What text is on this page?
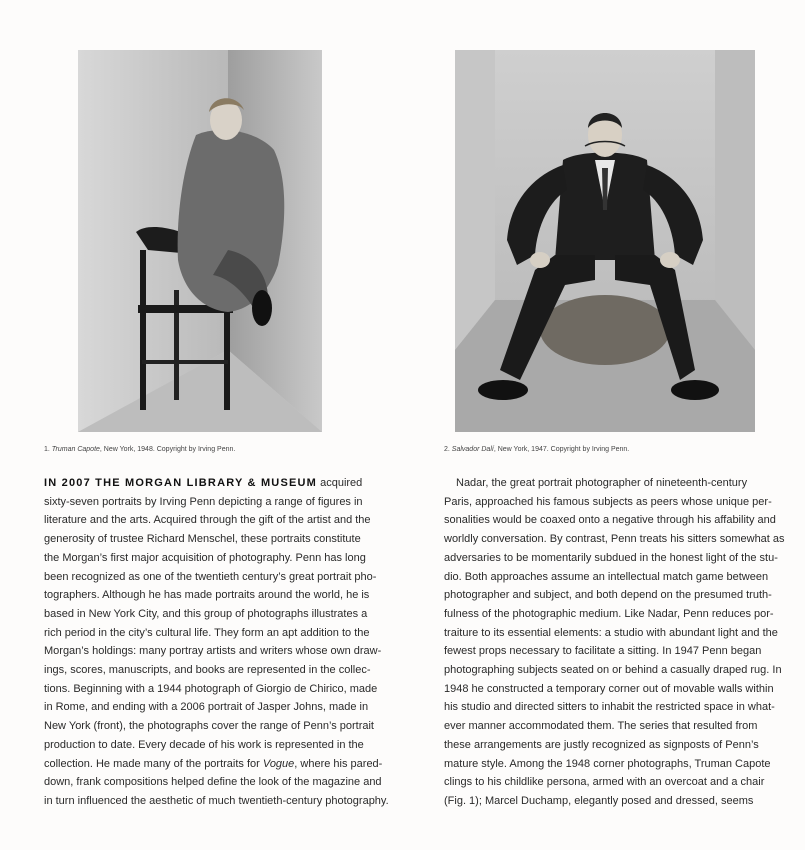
1. Truman Capote, New York, 1948. Copyright by Irving Penn.	2. Salvador Dalí, New York, 1947. Copyright by Irving Penn.
IN 2007 THE MORGAN LIBRARY & MUSEUM acquired
sixty-seven portraits by Irving Penn depicting a range of figures in
literature and the arts. Acquired through the gift of the artist and the
generosity of trustee Richard Menschel, these portraits constitute
the Morgan’s first major acquisition of photography. Penn has long
been recognized as one of the twentieth century’s great portrait pho-
tographers. Although he has made portraits around the world, he is
based in New York City, and this group of photographs illustrates a
rich period in the city’s cultural life. They form an apt addition to the
Morgan’s holdings: many portray artists and writers whose own draw-
ings, scores, manuscripts, and books are represented in the collec-
tions. Beginning with a 1944 photograph of Giorgio de Chirico, made
in Rome, and ending with a 2006 portrait of Jasper Johns, made in
New York (front), the photographs cover the range of Penn’s portrait
production to date. Every decade of his work is represented in the
collection. He made many of the portraits for Vogue, where his pared-
down, frank compositions helped define the look of the magazine and
in turn influenced the aesthetic of much twentieth-century photography.
Nadar, the great portrait photographer of nineteenth-century
Paris, approached his famous subjects as peers whose unique per-
sonalities would be coaxed onto a negative through his affability and
worldly conversation. By contrast, Penn treats his sitters somewhat as
adversaries to be momentarily subdued in the honest light of the stu-
dio. Both approaches assume an intellectual match game between
photographer and subject, and both depend on the presumed truth-
fulness of the photographic medium. Like Nadar, Penn reduces por-
traiture to its essential elements: a studio with abundant light and the
fewest props necessary to facilitate a sitting. In 1947 Penn began
photographing subjects seated on or behind a casually draped rug. In
1948 he constructed a temporary corner out of movable walls within
his studio and directed sitters to inhabit the restricted space in what-
ever manner accommodated them. The series that resulted from
these arrangements are justly recognized as signposts of Penn’s
mature style. Among the 1948 corner photographs, Truman Capote
clings to his childlike persona, armed with an overcoat and a chair
(Fig. 1); Marcel Duchamp, elegantly posed and dressed, seems
